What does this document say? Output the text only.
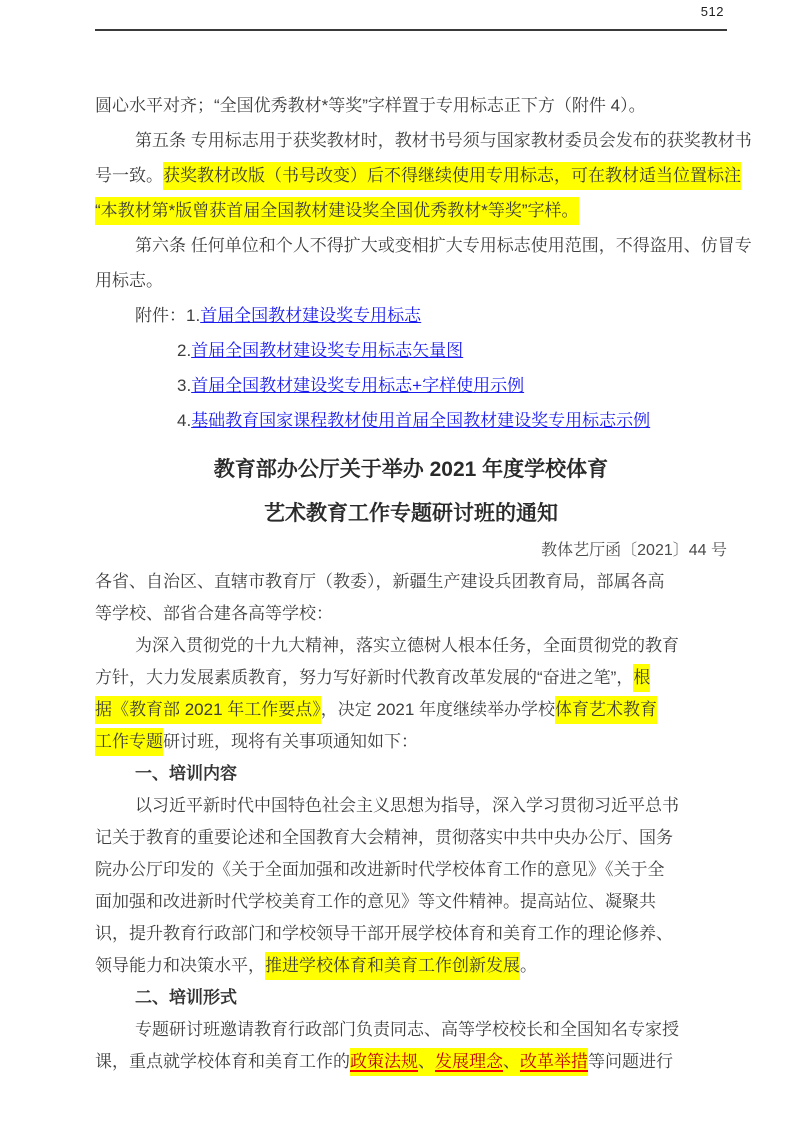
512
圆心水平对齐；“全国优秀教材*等奖”字样置于专用标志正下方（附件 4）。
第五条 专用标志用于获奖教材时，教材书号须与国家教材委员会发布的获奖教材书
号一致。获奖教材改版（书号改变）后不得继续使用专用标志，可在教材适当位置标注
“本教材第*版曾获首届全国教材建设奖全国优秀教材*等奖”字样。
第六条 任何单位和个人不得扩大或变相扩大专用标志使用范围，不得盗用、仿冒专
用标志。
附件：1.首届全国教材建设奖专用标志
2.首届全国教材建设奖专用标志矢量图
3.首届全国教材建设奖专用标志+字样使用示例
4.基础教育国家课程教材使用首届全国教材建设奖专用标志示例
教育部办公厅关于举办 2021 年度学校体育
艺术教育工作专题研讨班的通知
教体艺厅函〔2021〕44 号
各省、自治区、直辖市教育厅（教委），新疆生产建设兵团教育局，部属各高
等学校、部省合建各高等学校：
为深入贯彻党的十九大精神，落实立德树人根本任务，全面贯彻党的教育
方针，大力发展素质教育，努力写好新时代教育改革发展的“奋进之笔”，根
据《教育部 2021 年工作要点》，决定 2021 年度继续举办学校体育艺术教育
工作专题研讨班，现将有关事项通知如下：
一、培训内容
以习近平新时代中国特色社会主义思想为指导，深入学习贯彻习近平总书
记关于教育的重要论述和全国教育大会精神，贯彻落实中共中央办公厅、国务
院办公厅印发的《关于全面加强和改进新时代学校体育工作的意见》《关于全
面加强和改进新时代学校美育工作的意见》等文件精神。提高站位、凝聚共
识，提升教育行政部门和学校领导干部开展学校体育和美育工作的理论修养、
领导能力和决策水平，推进学校体育和美育工作创新发展。
二、培训形式
专题研讨班邀请教育行政部门负责同志、高等学校校长和全国知名专家授
课，重点就学校体育和美育工作的政策法规、发展理念、改革举措等问题进行
